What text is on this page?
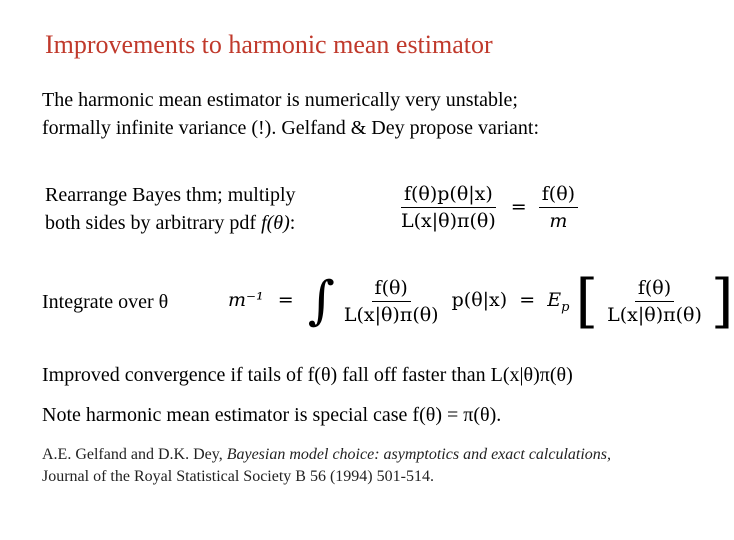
Improvements to harmonic mean estimator
The harmonic mean estimator is numerically very unstable;
formally infinite variance (!). Gelfand & Dey propose variant:
Rearrange Bayes thm; multiply
both sides by arbitrary pdf f(θ):	$\frac{f(\theta)p(\theta|x)}{L(x|\theta)\pi(\theta)} = \frac{f(\theta)}{m}$
Integrate over θ	m⁻¹ = ∫ $\frac{f(\theta)}{L(x|\theta)\pi(\theta)} p(\theta|x) = E_p$ [ $\frac{f(\theta)}{L(x|\theta)\pi(\theta)}$ ]
Improved convergence if tails of f(θ) fall off faster than L(x|θ)π(θ)
Note harmonic mean estimator is special case f(θ) = π(θ).
A.E. Gelfand and D.K. Dey, Bayesian model choice: asymptotics and exact calculations,
Journal of the Royal Statistical Society B 56 (1994) 501-514.
